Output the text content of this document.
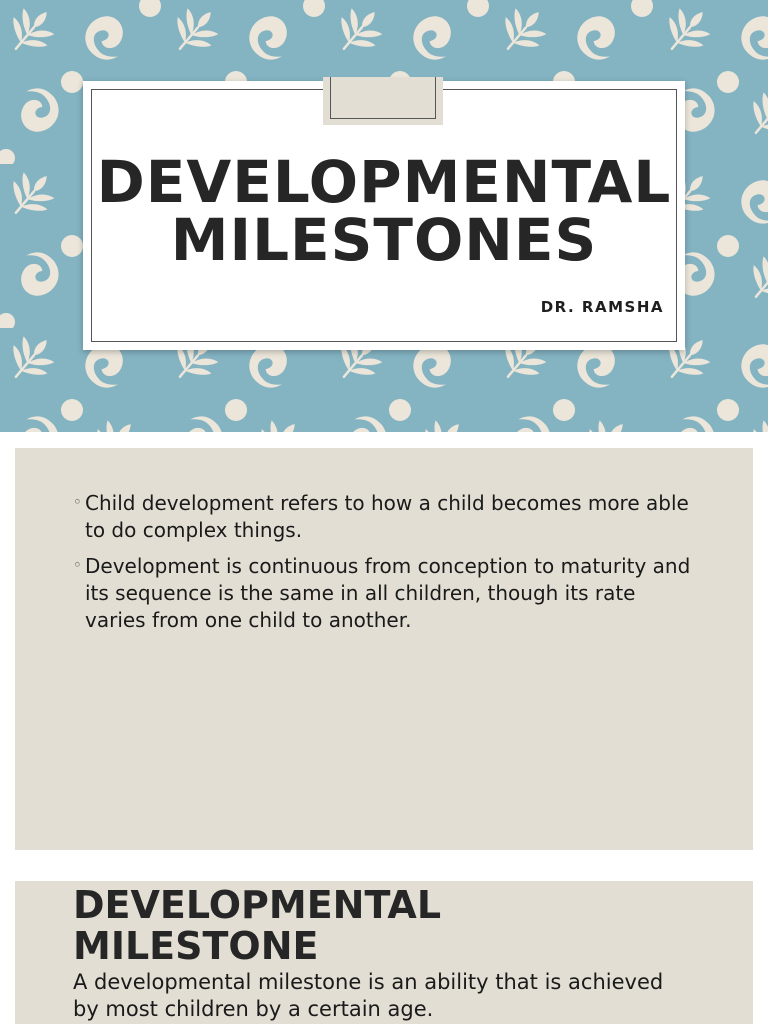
DEVELOPMENTAL
MILESTONES

DR. RAMSHA

◦ Child development refers to how a child becomes more able to do complex things.
◦ Development is continuous from conception to maturity and its sequence is the same in all children, though its rate varies from one child to another.
DEVELOPMENTAL
MILESTONE

A developmental milestone is an ability that is achieved by most children by a certain age.
